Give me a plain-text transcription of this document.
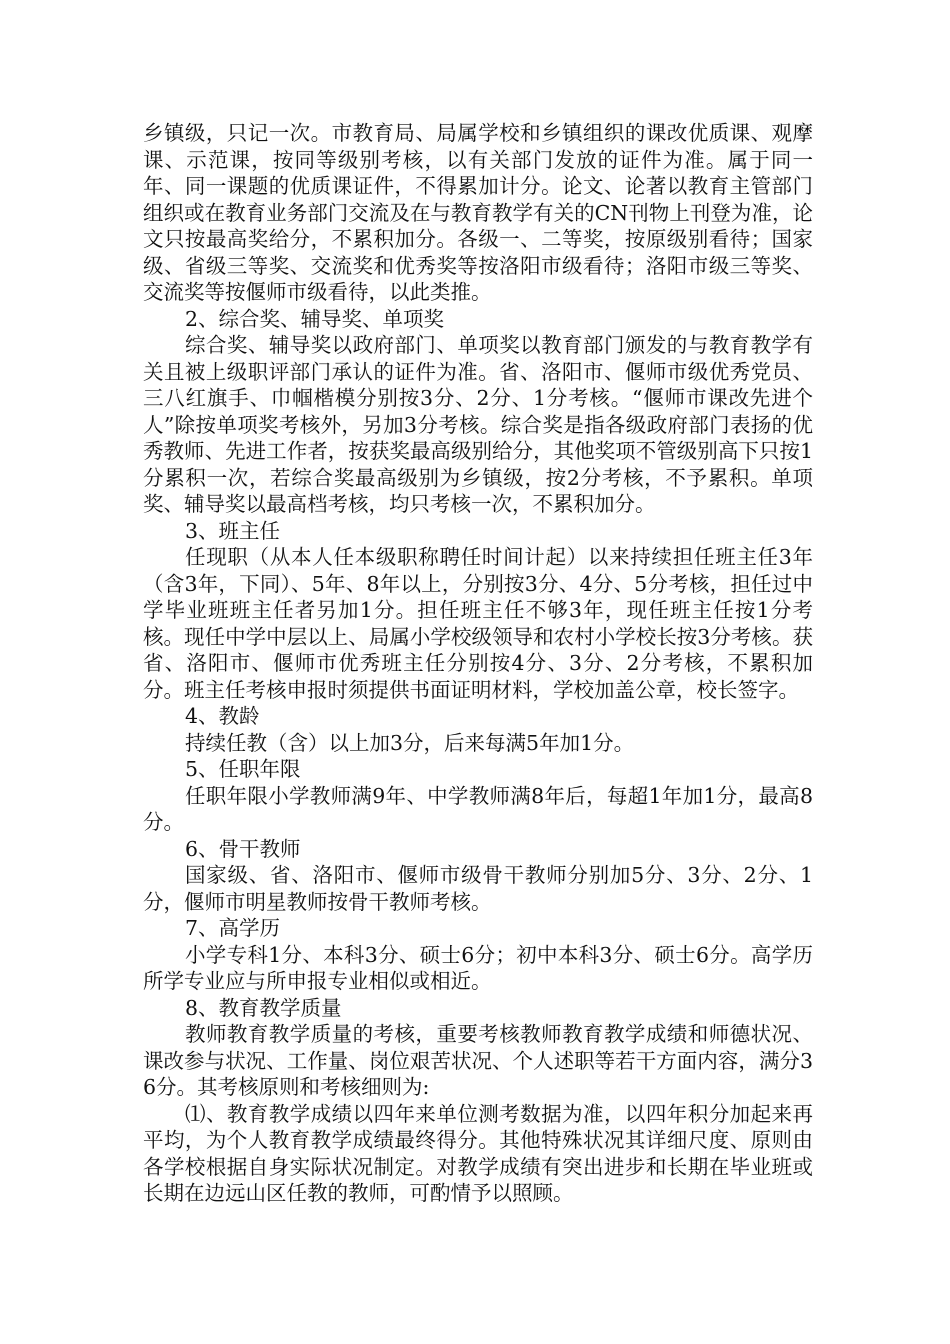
乡镇级，只记一次。市教育局、局属学校和乡镇组织的课改优质课、观摩课、示范课，按同等级别考核，以有关部门发放的证件为准。属于同一年、同一课题的优质课证件，不得累加计分。论文、论著以教育主管部门组织或在教育业务部门交流及在与教育教学有关的CN刊物上刊登为准，论文只按最高奖给分，不累积加分。各级一、二等奖，按原级别看待；国家级、省级三等奖、交流奖和优秀奖等按洛阳市级看待；洛阳市级三等奖、交流奖等按偃师市级看待，以此类推。

2、综合奖、辅导奖、单项奖

综合奖、辅导奖以政府部门、单项奖以教育部门颁发的与教育教学有关且被上级职评部门承认的证件为准。省、洛阳市、偃师市级优秀党员、三八红旗手、巾帼楷模分别按3分、2分、1分考核。“偃师市课改先进个人”除按单项奖考核外，另加3分考核。综合奖是指各级政府部门表扬的优秀教师、先进工作者，按获奖最高级别给分，其他奖项不管级别高下只按1分累积一次，若综合奖最高级别为乡镇级，按2分考核，不予累积。单项奖、辅导奖以最高档考核，均只考核一次，不累积加分。

3、班主任

任现职（从本人任本级职称聘任时间计起）以来持续担任班主任3年（含3年，下同）、5年、8年以上，分别按3分、4分、5分考核，担任过中学毕业班班主任者另加1分。担任班主任不够3年，现任班主任按1分考核。现任中学中层以上、局属小学校级领导和农村小学校长按3分考核。获省、洛阳市、偃师市优秀班主任分别按4分、3分、2分考核，不累积加分。班主任考核申报时须提供书面证明材料，学校加盖公章，校长签字。

4、教龄

持续任教（含）以上加3分，后来每满5年加1分。

5、任职年限

任职年限小学教师满9年、中学教师满8年后，每超1年加1分，最高8分。

6、骨干教师

国家级、省、洛阳市、偃师市级骨干教师分别加5分、3分、2分、1分，偃师市明星教师按骨干教师考核。

7、高学历

小学专科1分、本科3分、硕士6分；初中本科3分、硕士6分。高学历所学专业应与所申报专业相似或相近。

8、教育教学质量

教师教育教学质量的考核，重要考核教师教育教学成绩和师德状况、课改参与状况、工作量、岗位艰苦状况、个人述职等若干方面内容，满分36分。其考核原则和考核细则为:

⑴、教育教学成绩以四年来单位测考数据为准，以四年积分加起来再平均，为个人教育教学成绩最终得分。其他特殊状况其详细尺度、原则由各学校根据自身实际状况制定。对教学成绩有突出进步和长期在毕业班或长期在边远山区任教的教师，可酌情予以照顾。
